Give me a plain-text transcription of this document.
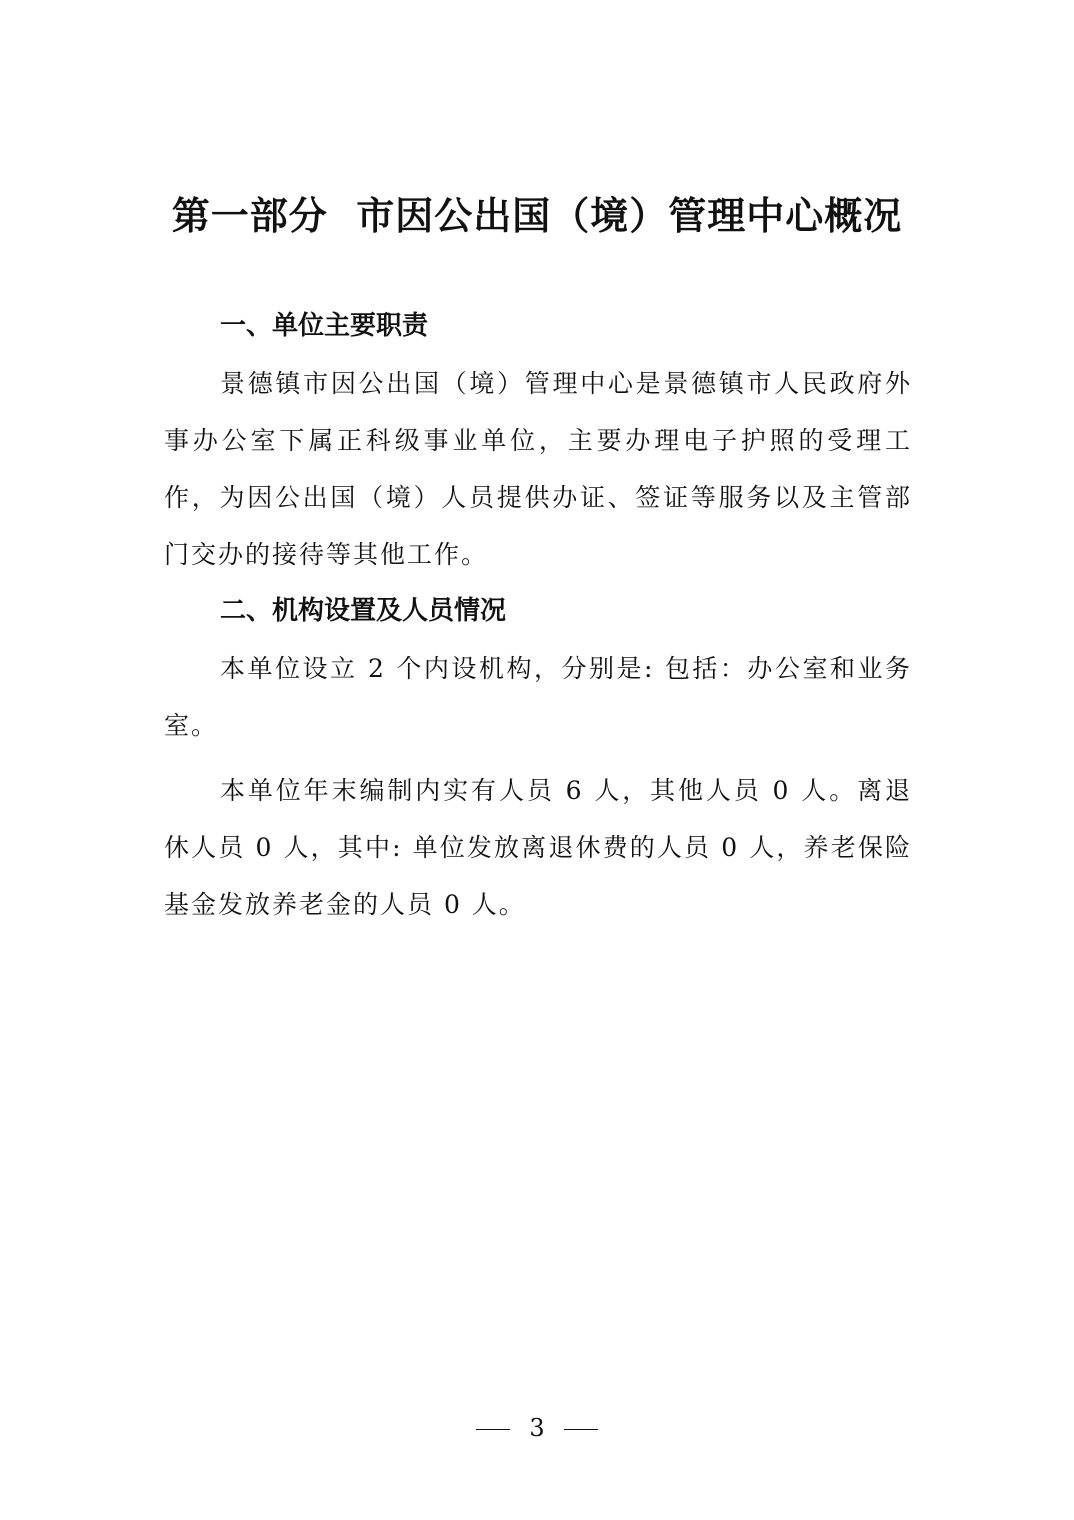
第一部分  市因公出国（境）管理中心概况

一、单位主要职责

景德镇市因公出国（境）管理中心是景德镇市人民政府外事办公室下属正科级事业单位，主要办理电子护照的受理工作，为因公出国（境）人员提供办证、签证等服务以及主管部门交办的接待等其他工作。

二、机构设置及人员情况

本单位设立 2 个内设机构，分别是: 包括：办公室和业务室。

本单位年末编制内实有人员 6 人，其他人员 0 人。离退休人员 0 人，其中: 单位发放离退休费的人员 0 人，养老保险基金发放养老金的人员 0 人。

3
